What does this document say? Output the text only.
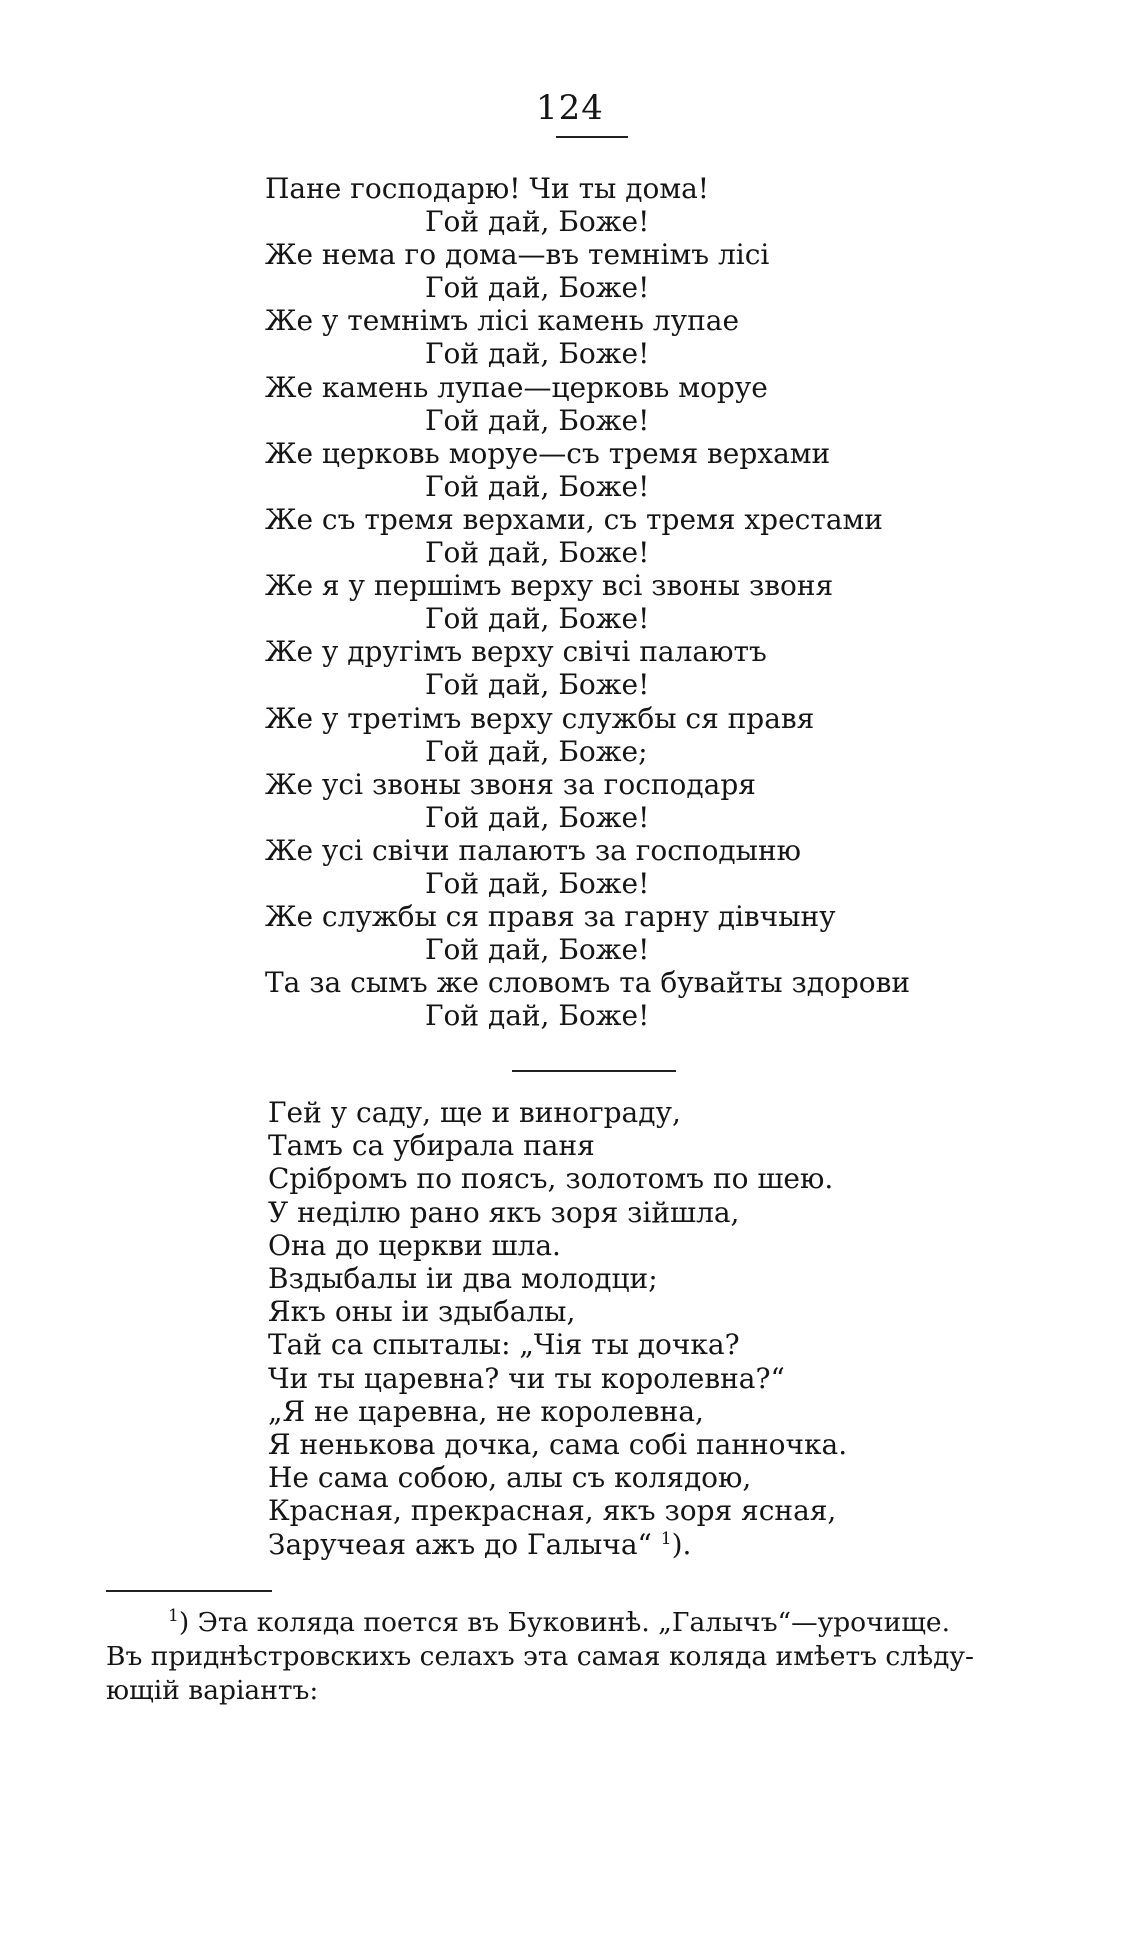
124

Пане господарю! Чи ты дома!

Гой дай, Боже!

Же нема го дома—въ темнімъ лісі

Гой дай, Боже!

Же у темнімъ лісі камень лупае

Гой дай, Боже!

Же камень лупае—церковь моруе

Гой дай, Боже!

Же церковь моруе—съ тремя верхами

Гой дай, Боже!

Же съ тремя верхами, съ тремя хрестами

Гой дай, Боже!

Же я у першімъ верху всі звоны звоня

Гой дай, Боже!

Же у другімъ верху свічі палаютъ

Гой дай, Боже!

Же у третімъ верху службы ся правя

Гой дай, Боже;

Же усі звоны звоня за господаря

Гой дай, Боже!

Же усі свічи палаютъ за господыню

Гой дай, Боже!

Же службы ся правя за гарну дівчыну

Гой дай, Боже!

Та за сымъ же словомъ та бувайты здорови

Гой дай, Боже!

Гей у саду, ще и винограду,

Тамъ са убирала паня

Срібромъ по поясъ, золотомъ по шею.

У неділю рано якъ зоря зійшла,

Она до церкви шла.

Вздыбалы іи два молодци;

Якъ оны іи здыбалы,

Тай са спыталы: „Чія ты дочка?

Чи ты царевна? чи ты королевна?“

„Я не царевна, не королевна,

Я ненькова дочка, сама собі панночка.

Не сама собою, алы съ колядою,

Красная, прекрасная, якъ зоря ясная,

Заручеая ажъ до Галыча“ $^1$).

$^1$) Эта коляда поется въ Буковинѣ. „Галычъ“—урочище.

Въ приднѣстровскихъ селахъ эта самая коляда имѣетъ слѣду-

ющій варіантъ:
